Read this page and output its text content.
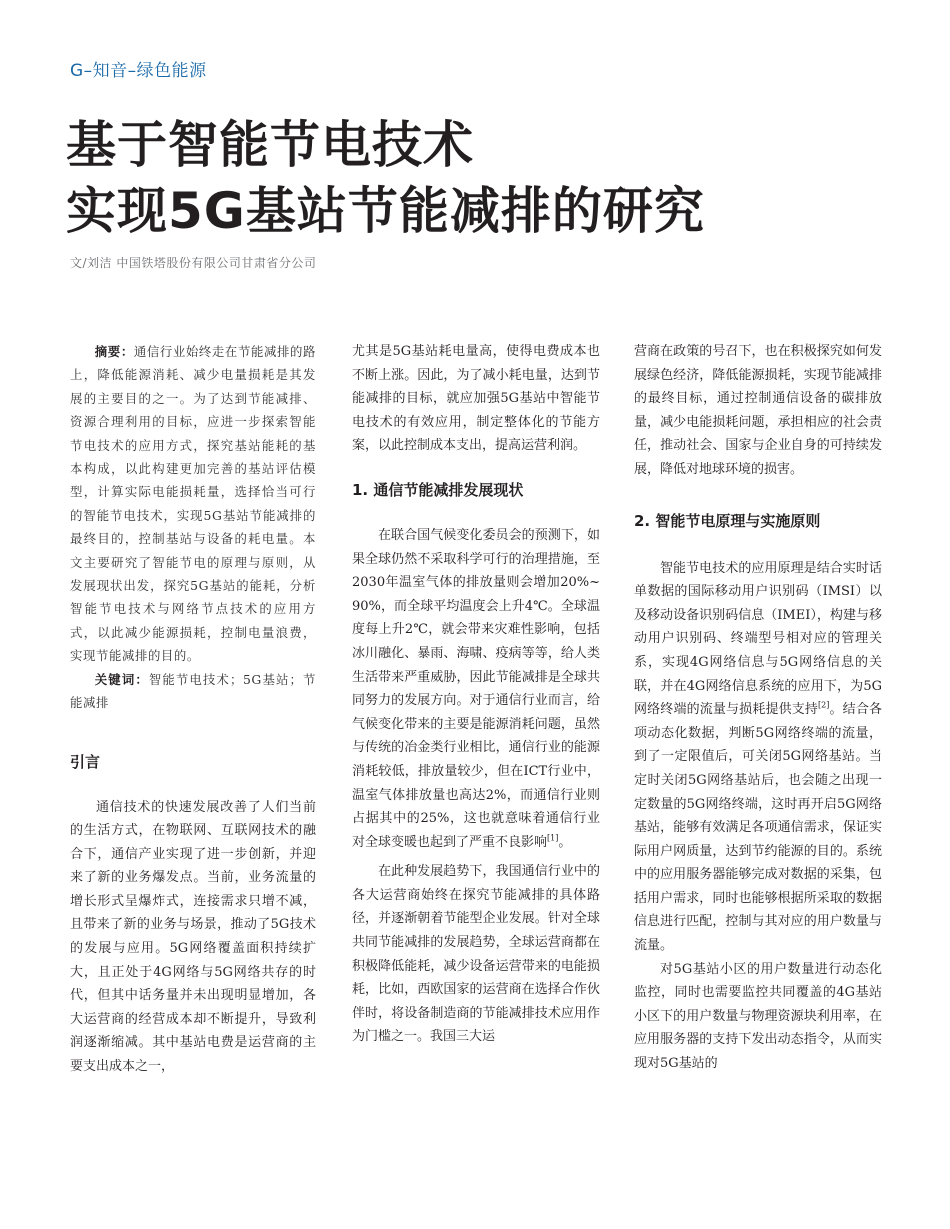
G–知音–绿色能源
基于智能节电技术
实现5G基站节能减排的研究
文/刘洁 中国铁塔股份有限公司甘肃省分公司

摘要：通信行业始终走在节能减排的路上，降低能源消耗、减少电量损耗是其发展的主要目的之一。为了达到节能减排、资源合理利用的目标，应进一步探索智能节电技术的应用方式，探究基站能耗的基本构成，以此构建更加完善的基站评估模型，计算实际电能损耗量，选择恰当可行的智能节电技术，实现5G基站节能减排的最终目的，控制基站与设备的耗电量。本文主要研究了智能节电的原理与原则，从发展现状出发，探究5G基站的能耗，分析智能节电技术与网络节点技术的应用方式，以此减少能源损耗，控制电量浪费，实现节能减排的目的。

关键词：智能节电技术；5G基站；节能减排

引言

通信技术的快速发展改善了人们当前的生活方式，在物联网、互联网技术的融合下，通信产业实现了进一步创新，并迎来了新的业务爆发点。当前，业务流量的增长形式呈爆炸式，连接需求只增不减，且带来了新的业务与场景，推动了5G技术的发展与应用。5G网络覆盖面积持续扩大，且正处于4G网络与5G网络共存的时代，但其中话务量并未出现明显增加，各大运营商的经营成本却不断提升，导致利润逐渐缩减。其中基站电费是运营商的主要支出成本之一，

尤其是5G基站耗电量高，使得电费成本也不断上涨。因此，为了减小耗电量，达到节能减排的目标，就应加强5G基站中智能节电技术的有效应用，制定整体化的节能方案，以此控制成本支出，提高运营利润。

1. 通信节能减排发展现状

在联合国气候变化委员会的预测下，如果全球仍然不采取科学可行的治理措施，至2030年温室气体的排放量则会增加20%~90%，而全球平均温度会上升4℃。全球温度每上升2℃，就会带来灾难性影响，包括冰川融化、暴雨、海啸、疫病等等，给人类生活带来严重威胁，因此节能减排是全球共同努力的发展方向。对于通信行业而言，给气候变化带来的主要是能源消耗问题，虽然与传统的冶金类行业相比，通信行业的能源消耗较低，排放量较少，但在ICT行业中，温室气体排放量也高达2%，而通信行业则占据其中的25%，这也就意味着通信行业对全球变暖也起到了严重不良影响[1]。

在此种发展趋势下，我国通信行业中的各大运营商始终在探究节能减排的具体路径，并逐渐朝着节能型企业发展。针对全球共同节能减排的发展趋势，全球运营商都在积极降低能耗，减少设备运营带来的电能损耗，比如，西欧国家的运营商在选择合作伙伴时，将设备制造商的节能减排技术应用作为门槛之一。我国三大运

营商在政策的号召下，也在积极探究如何发展绿色经济，降低能源损耗，实现节能减排的最终目标，通过控制通信设备的碳排放量，减少电能损耗问题，承担相应的社会责任，推动社会、国家与企业自身的可持续发展，降低对地球环境的损害。

2. 智能节电原理与实施原则

智能节电技术的应用原理是结合实时话单数据的国际移动用户识别码（IMSI）以及移动设备识别码信息（IMEI），构建与移动用户识别码、终端型号相对应的管理关系，实现4G网络信息与5G网络信息的关联，并在4G网络信息系统的应用下，为5G网络终端的流量与损耗提供支持[2]。结合各项动态化数据，判断5G网络终端的流量，到了一定限值后，可关闭5G网络基站。当定时关闭5G网络基站后，也会随之出现一定数量的5G网络终端，这时再开启5G网络基站，能够有效满足各项通信需求，保证实际用户网质量，达到节约能源的目的。系统中的应用服务器能够完成对数据的采集，包括用户需求，同时也能够根据所采取的数据信息进行匹配，控制与其对应的用户数量与流量。

对5G基站小区的用户数量进行动态化监控，同时也需要监控共同覆盖的4G基站小区下的用户数量与物理资源块利用率，在应用服务器的支持下发出动态指令，从而实现对5G基站的
